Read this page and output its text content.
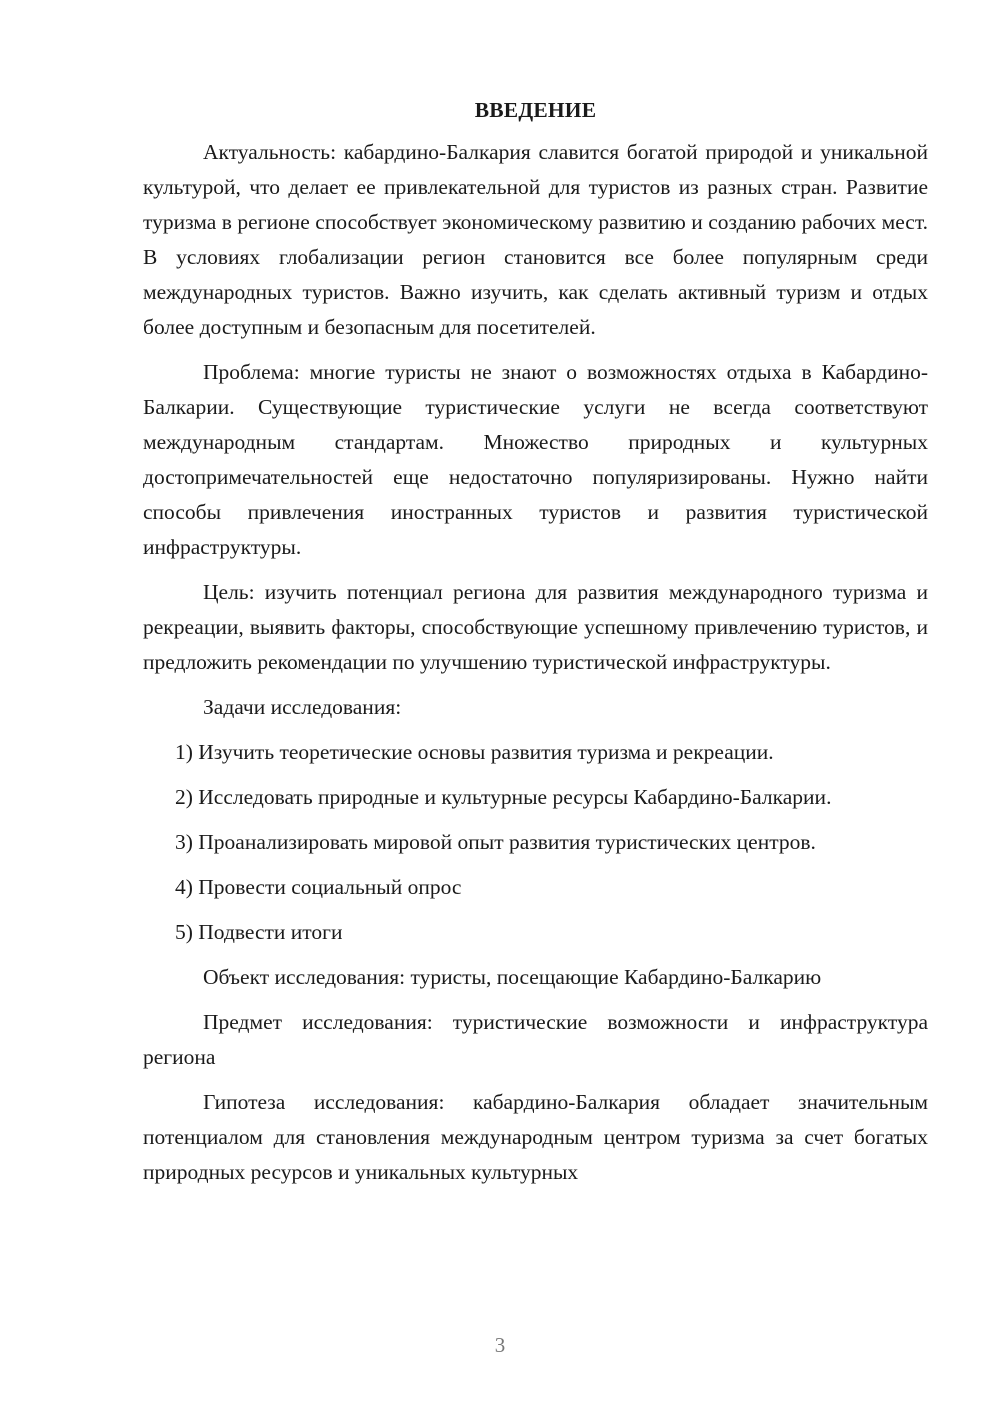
ВВЕДЕНИЕ

Актуальность: кабардино-Балкария славится богатой природой и уникальной культурой, что делает ее привлекательной для туристов из разных стран. Развитие туризма в регионе способствует экономическому развитию и созданию рабочих мест. В условиях глобализации регион становится все более популярным среди международных туристов. Важно изучить, как сделать активный туризм и отдых более доступным и безопасным для посетителей.

Проблема: многие туристы не знают о возможностях отдыха в Кабардино-Балкарии. Существующие туристические услуги не всегда соответствуют международным стандартам. Множество природных и культурных достопримечательностей еще недостаточно популяризированы. Нужно найти способы привлечения иностранных туристов и развития туристической инфраструктуры.

Цель: изучить потенциал региона для развития международного туризма и рекреации, выявить факторы, способствующие успешному привлечению туристов, и предложить рекомендации по улучшению туристической инфраструктуры.

Задачи исследования:

1) Изучить теоретические основы развития туризма и рекреации.

2) Исследовать природные и культурные ресурсы Кабардино-Балкарии.

3) Проанализировать мировой опыт развития туристических центров.

4) Провести социальный опрос

5) Подвести итоги

Объект исследования: туристы, посещающие Кабардино-Балкарию

Предмет исследования: туристические возможности и инфраструктура региона

Гипотеза исследования: кабардино-Балкария обладает значительным потенциалом для становления международным центром туризма за счет богатых природных ресурсов и уникальных культурных

3
